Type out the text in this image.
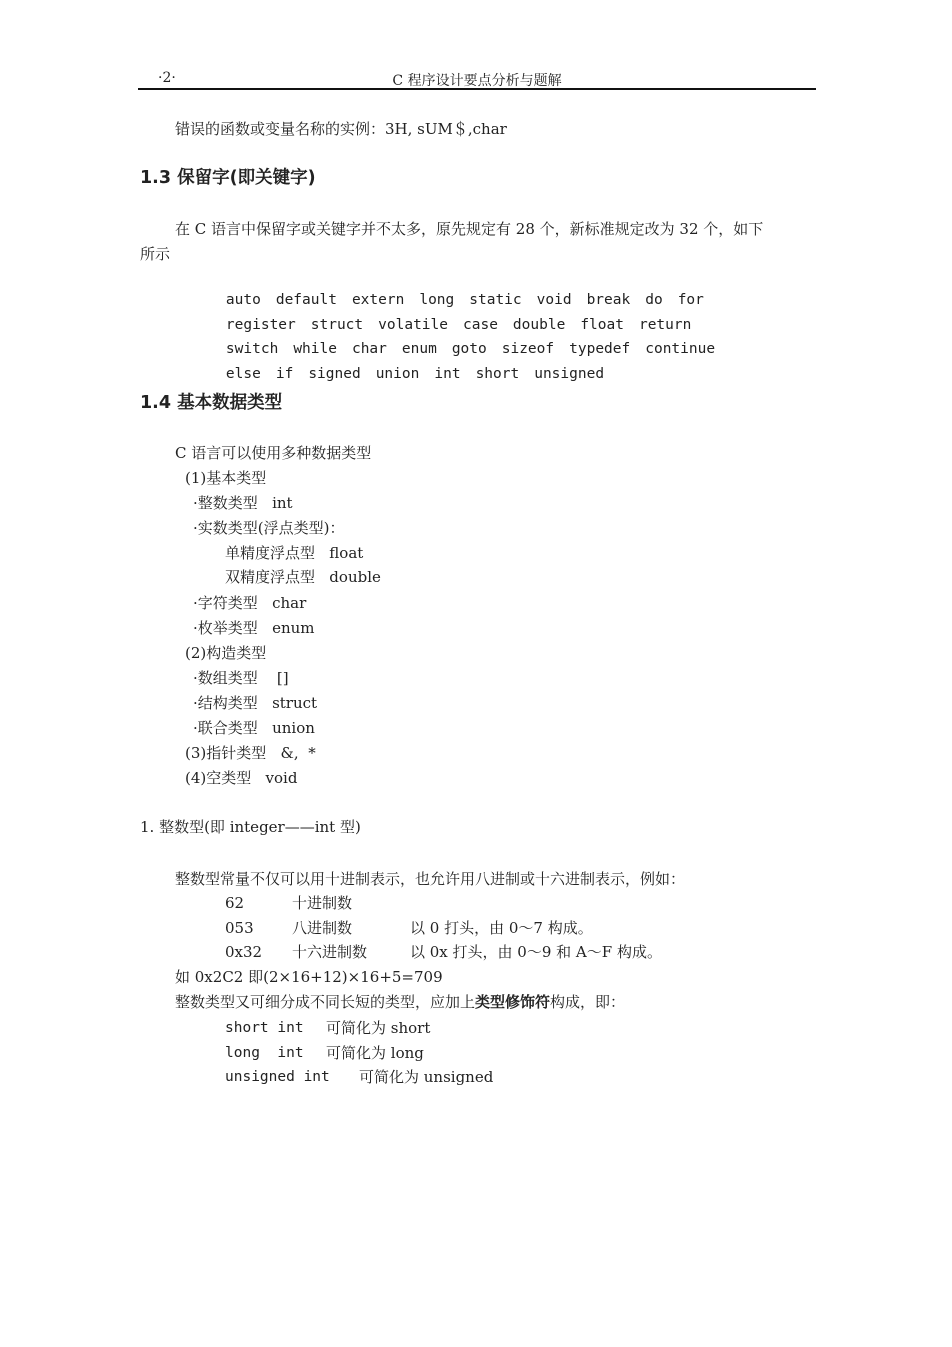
·2·	C 程序设计要点分析与题解
错误的函数或变量名称的实例：3H, sUM＄,char
1.3 保留字(即关键字)
在 C 语言中保留字或关键字并不太多，原先规定有 28 个，新标准规定改为 32 个，如下
所示

auto default extern long static void break do for

register struct volatile case double float return

switch while char enum goto sizeof typedef continue

else if signed union int short unsigned

1.4 基本数据类型
C 语言可以使用多种数据类型
(1)基本类型
·整数类型   int
·实数类型(浮点类型)：
单精度浮点型   float
双精度浮点型   double
·字符类型   char
·枚举类型   enum
(2)构造类型
·数组类型    []
·结构类型   struct
·联合类型   union
(3)指针类型   &,  *
(4)空类型   void
1. 整数型(即 integer——int 型)
整数型常量不仅可以用十进制表示，也允许用八进制或十六进制表示，例如：
62	十进制数
053	八进制数	以 0 打头，由 0～7 构成。
0x32 十六进制数	以 0x 打头，由 0～9 和 A～F 构成。
如 0x2C2 即(2×16+12)×16+5=709
整数类型又可细分成不同长短的类型，应加上类型修饰符构成，即：
short int 可简化为 short
long  int 可简化为 long
unsigned int 可简化为 unsigned
